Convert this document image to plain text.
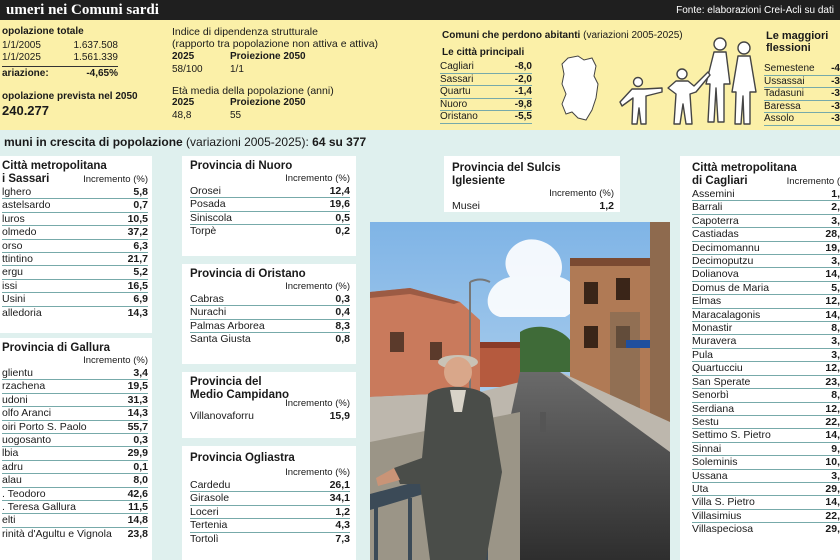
umeri nei Comuni sardi	Fonte: elaborazioni Crei-Acli su dati
opolazione totale
1/1/2005	1.637.508
1/1/2025	1.561.339
ariazione:	-4,65%
opolazione prevista nel 2050
240.277
Indice di dipendenza strutturale
(rapporto tra popolazione non attiva e attiva)
2025	Proiezione 2050
58/100	1/1
Età media della popolazione (anni)
2025	Proiezione 2050
48,8	55
Comuni che perdono abitanti (variazioni 2005-2025)
Le città principali
Cagliari	-8,0
Sassari	-2,0
Quartu	-1,4
Nuoro	-9,8
Oristano	-5,5
Le maggiori
flessioni
Semestene -4
Ussassai	-3
Tadasuni	-3
Baressa	-3
Assolo	-3
muni in crescita di popolazione
(variazioni 2005-2025):
64 su 377
Città metropolitana
i Sassari	Incremento (%)
lghero	5,8
astelsardo	0,7
luros	10,5
olmedo	37,2
orso	6,3
ttintino	21,7
ergu	5,2
issi	16,5
Usini	6,9
alledoria	14,3
Provincia di Gallura
Incremento (%)
glientu	3,4
rzachena	19,5
udoni	31,3
olfo Aranci	14,3
oiri Porto S. Paolo	55,7
uogosanto	0,3
lbia	29,9
adru	0,1
alau	8,0
. Teodoro	42,6
. Teresa Gallura	11,5
elti	14,8
rinità d'Agultu e Vignola 23,8
Provincia di Nuoro
Incremento (%)
Orosei	12,4
Posada	19,6
Siniscola	0,5
Torpè	0,2
Provincia di Oristano
Incremento (%)
Cabras	0,3
Nurachi	0,4
Palmas Arborea	8,3
Santa Giusta	0,8
Provincia del
Medio Campidano
Incremento (%)
Villanovaforru	15,9
Provincia Ogliastra
Incremento (%)
Cardedu	26,1
Girasole	34,1
Loceri	1,2
Tertenia	4,3
Tortolì	7,3
Provincia del Sulcis Iglesiente
Incremento (%)
Musei	1,2
Città metropolitana
di Cagliari	Incremento (
Assemini	1,
Barrali	2,
Capoterra	3,
Castiadas	28,
Decimomannu	19,
Decimoputzu	3,
Dolianova	14,
Domus de Maria	5,
Elmas	12,
Maracalagonis	14,
Monastir	8,
Muravera	3,
Pula	3,
Quartucciu	12,
San Sperate	23,
Senorbì	8,
Serdiana	12,
Sestu	22,
Settimo S. Pietro	14,
Sinnai	9,
Soleminis	10,
Ussana	3,
Uta	29,
Villa S. Pietro	14,
Villasimius	22,
Villaspeciosa	29,
